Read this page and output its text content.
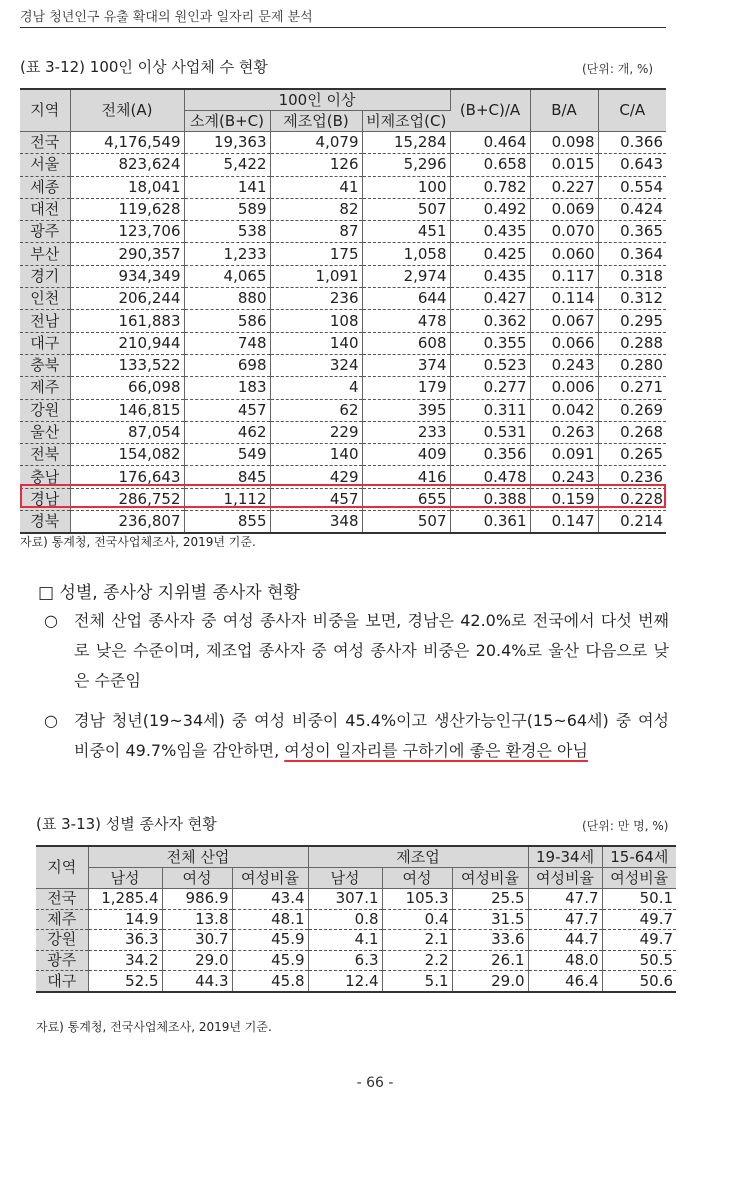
경남 청년인구 유출 확대의 원인과 일자리 문제 분석
(표 3-12) 100인 이상 사업체 수 현황	(단위: 개, %)
지역	전체(A)	100인 이상			(B+C)/A	B/A	C/A
		소계(B+C)	제조업(B)	비제조업(C)			
전국	4,176,549	19,363	4,079	15,284	0.464	0.098	0.366
서울	823,624	5,422	126	5,296	0.658	0.015	0.643
세종	18,041	141	41	100	0.782	0.227	0.554
대전	119,628	589	82	507	0.492	0.069	0.424
광주	123,706	538	87	451	0.435	0.070	0.365
부산	290,357	1,233	175	1,058	0.425	0.060	0.364
경기	934,349	4,065	1,091	2,974	0.435	0.117	0.318
인천	206,244	880	236	644	0.427	0.114	0.312
전남	161,883	586	108	478	0.362	0.067	0.295
대구	210,944	748	140	608	0.355	0.066	0.288
충북	133,522	698	324	374	0.523	0.243	0.280
제주	66,098	183	4	179	0.277	0.006	0.271
강원	146,815	457	62	395	0.311	0.042	0.269
울산	87,054	462	229	233	0.531	0.263	0.268
전북	154,082	549	140	409	0.356	0.091	0.265
충남	176,643	845	429	416	0.478	0.243	0.236
경남	286,752	1,112	457	655	0.388	0.159	0.228
경북	236,807	855	348	507	0.361	0.147	0.214
자료) 통계청, 전국사업체조사, 2019년 기준.
□ 성별, 종사상 지위별 종사자 현황
○	전체 산업 종사자 중 여성 종사자 비중을 보면, 경남은 42.0%로 전국에서 다섯 번째로 낮은 수준이며, 제조업 종사자 중 여성 종사자 비중은 20.4%로 울산 다음으로 낮은 수준임
○	경남 청년(19~34세) 중 여성 비중이 45.4%이고 생산가능인구(15~64세) 중 여성 비중이 49.7%임을 감안하면, 여성이 일자리를 구하기에 좋은 환경은 아님
(표 3-13) 성별 종사자 현황	(단위: 만 명, %)
지역	전체 산업			제조업			19-34세	15-64세
	남성	여성	여성비율	남성	여성	여성비율	여성비율	여성비율
전국	1,285.4	986.9	43.4	307.1	105.3	25.5	47.7	50.1
제주	14.9	13.8	48.1	0.8	0.4	31.5	47.7	49.7
강원	36.3	30.7	45.9	4.1	2.1	33.6	44.7	49.7
광주	34.2	29.0	45.9	6.3	2.2	26.1	48.0	50.5
대구	52.5	44.3	45.8	12.4	5.1	29.0	46.4	50.6
자료) 통계청, 전국사업체조사, 2019년 기준.
- 66 -
